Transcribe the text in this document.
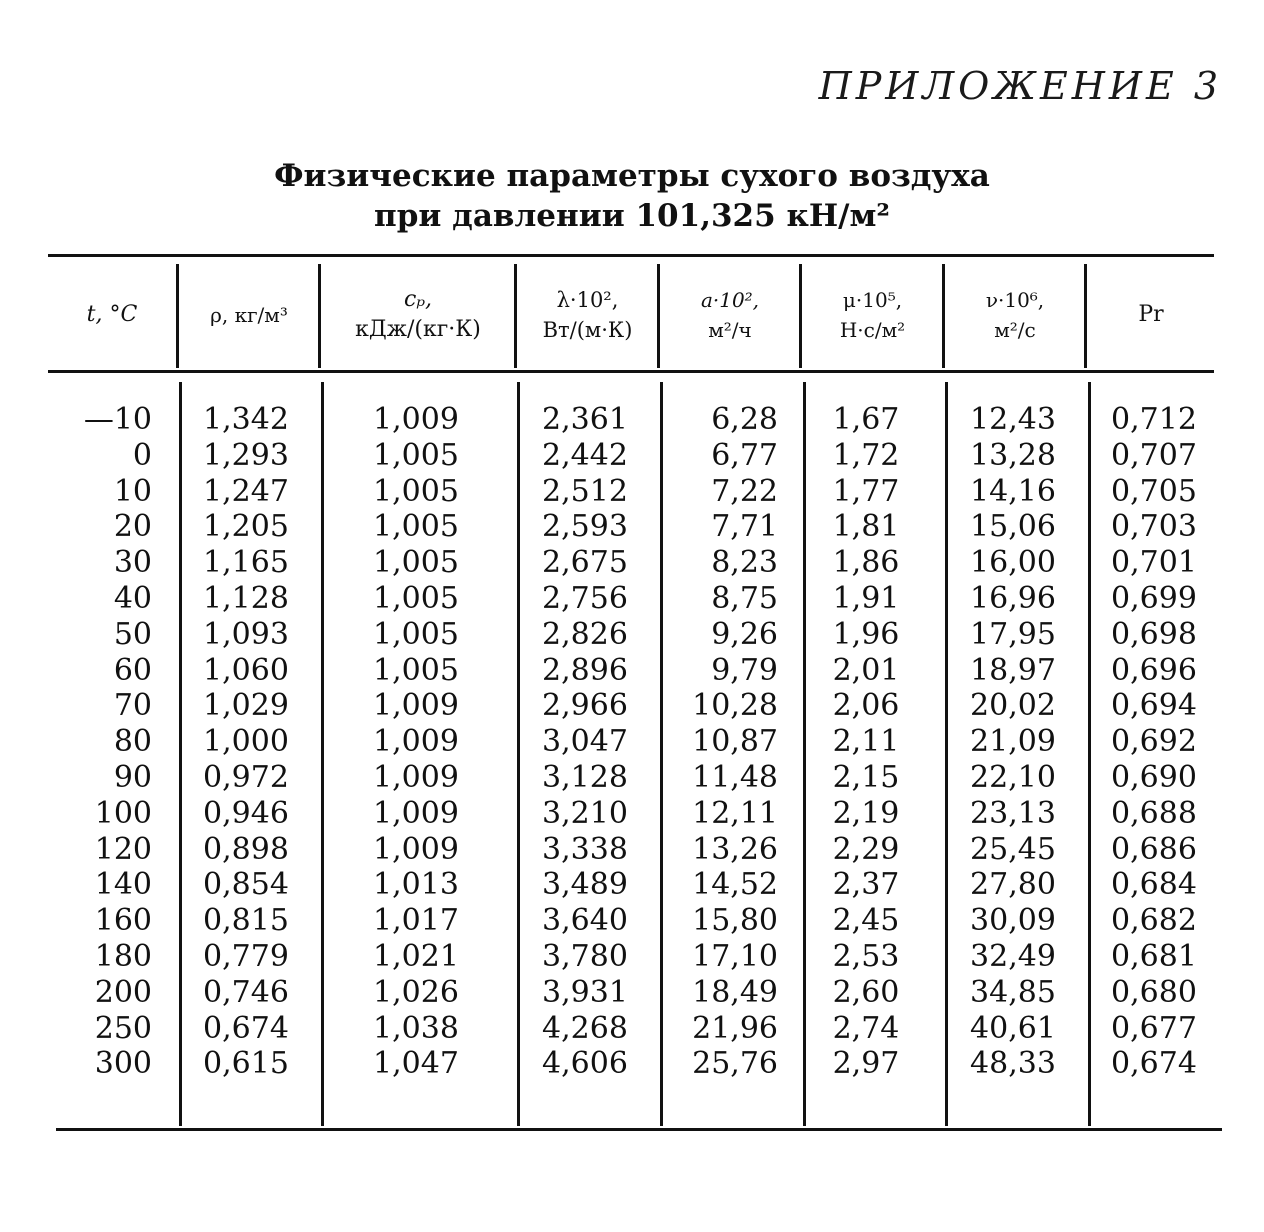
ПРИЛОЖЕНИЕ 3
Физические параметры сухого воздуха
при давлении 101,325 кН/м²
t, °C	ρ, кг/м³
cₚ,
кДж/(кг·К)
λ·10²,
Вт/(м·К)
a·10²,
м²/ч
μ·10⁵,
Н·с/м²
ν·10⁶,
м²/с
Pr
—10
0
10
20
30
40
50
60
70
80
90
100
120
140
160
180
200
250
300
1,342
1,293
1,247
1,205
1,165
1,128
1,093
1,060
1,029
1,000
0,972
0,946
0,898
0,854
0,815
0,779
0,746
0,674
0,615
1,009
1,005
1,005
1,005
1,005
1,005
1,005
1,005
1,009
1,009
1,009
1,009
1,009
1,013
1,017
1,021
1,026
1,038
1,047
2,361
2,442
2,512
2,593
2,675
2,756
2,826
2,896
2,966
3,047
3,128
3,210
3,338
3,489
3,640
3,780
3,931
4,268
4,606
6,28
6,77
7,22
7,71
8,23
8,75
9,26
9,79
10,28
10,87
11,48
12,11
13,26
14,52
15,80
17,10
18,49
21,96
25,76
1,67
1,72
1,77
1,81
1,86
1,91
1,96
2,01
2,06
2,11
2,15
2,19
2,29
2,37
2,45
2,53
2,60
2,74
2,97
12,43
13,28
14,16
15,06
16,00
16,96
17,95
18,97
20,02
21,09
22,10
23,13
25,45
27,80
30,09
32,49
34,85
40,61
48,33
0,712
0,707
0,705
0,703
0,701
0,699
0,698
0,696
0,694
0,692
0,690
0,688
0,686
0,684
0,682
0,681
0,680
0,677
0,674
